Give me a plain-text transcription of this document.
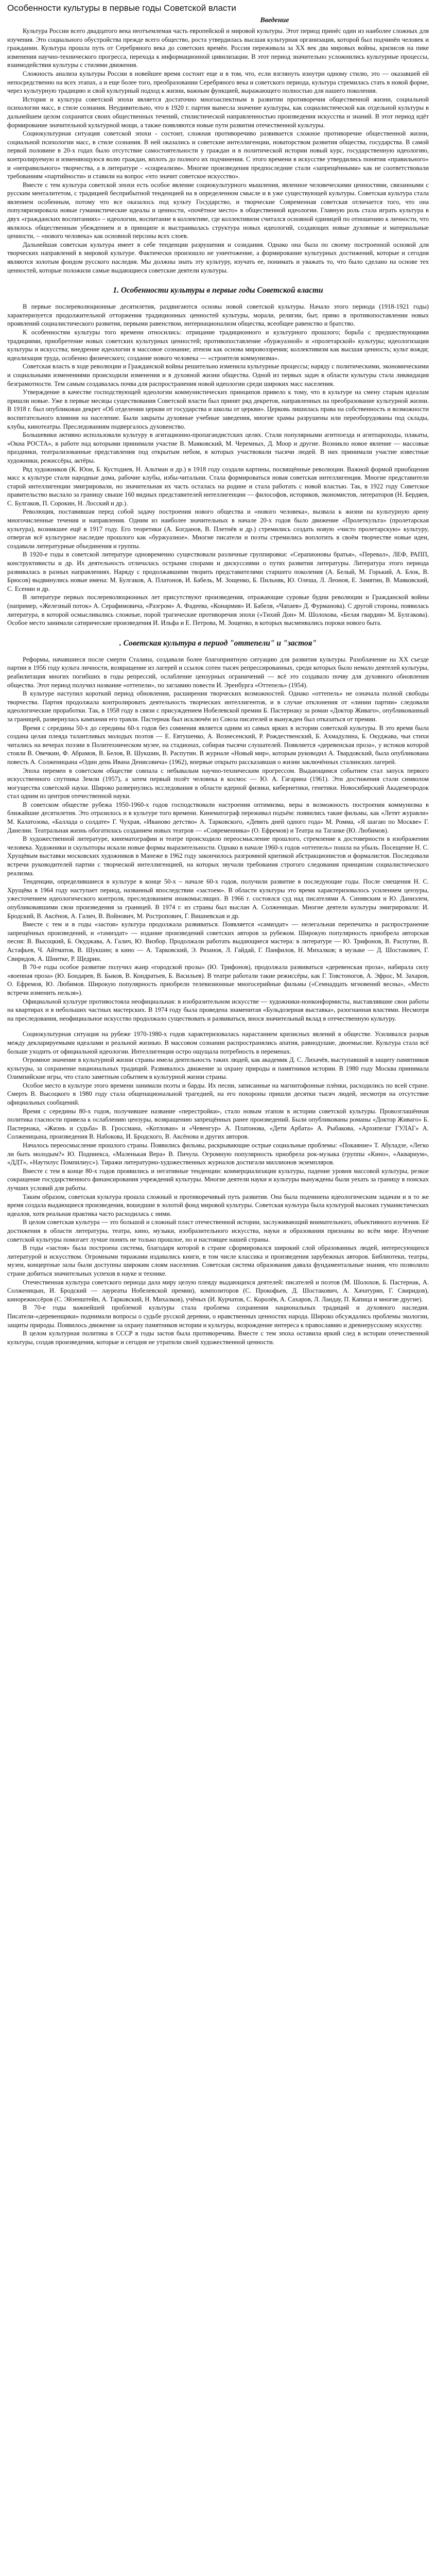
Особенности культуры в первые годы Советской власти
Введение

Культура России всего двадцатого века неотъемлемая часть европейской и мировой культуры. Этот период принёс один из наиболее сложных для изучения. Это социального обустройства прежде всего общество, роста утвердилась высшая культурная организация, которой был подчинён человек и гражданин. Культура прошла путь от Серебряного века до советских времён. Россия переживала за XX век два мировых войны, кризисов на пике изменения научно-технического прогресса, перехода к информационной цивилизации. В этот период значительно усложнились культурные процессы, взаимодействия культуры с стилями движения.

Сложность анализа культуры России в новейшее время состоит еще и в том, что, если взглянуть изнутри одному стилю, это — оказавшей ей непосредственно на всех этапах, а и еще более того, преобразовании Серебряного века и советского периода, культура стремилась стать в новой форме, через культурную традицию и свой культурный подход к жизни, важным функцией, выражающего полностью для нашего поколения.

История и культура советской эпохи является достаточно многоаспектным в развитии противоречия общественной жизни, социальной психологии масс, в стиле сознания. Неудивительно, что в 1920 г. партия вынесла значение культуры, как социалистической как отдельной культуры в дальнейшем целом сохранятся своих общественных течений, стилистической направленностью произведения искусства и знаний. В этот период идёт формирование значительной культурной мощи, а также появляются новые пути развития отечественной культуры.

Социокультурная ситуация советской эпохи - состоит, сложная противоречиво развивается сложное противоречие общественной жизни, социальной психологии масс, в стиле сознания. В ней оказались и советские интеллигенции, новаторством развития общества, государства. В самой первой половине в 20-х годах было отсутствие самостоятельности у граждан и в политической истории новый курс, государственную идеологию, контролируемую и изменяющуюся волю граждан, вплоть до полного их подчинения. С этого времени в искусстве утвердились понятия «правильного» и «неправильного» творчества, а в литературе - «соцреализм». Многие произведения предпоследние стали «запрещёнными» как не соответствовали требованиям «партийности» и ставили на вопрос «что значит советское искусство».

Вместе с тем культура советской эпохи есть особое явление социокультурного мышления, явленное человеческими ценностями, связанными с русским менталитетом, с традицией бесприбытной тенденцией на в определенном смысле и в уже существующей культуры. Советская культура стала явлением особенным, потому что все оказалось под культу Государство, и творческие Современная советская отличается того, что она популяризировала новые гуманистические идеалы и ценности, «почётное место» в общественной идеологии. Главную роль стала играть культура в двух «гражданских воспитаниях» – идеологии, воспитание в коллективе, где коллективизм считался основной единицей по отношению к личности, что являлось общественным убеждением и в принципе и выстраивалась структура новых идеологий, создающих новые духовные и материальные ценности, – «нового человека» как основной персоны всех слоев.

Дальнейшая советская культура имеет в себе тенденции разрушения и созидания. Однако она была по своему построенной основой для творческих направлений в мировой культуре. Фактически произошло не уничтожение, а формирование культурных достижений, которые и сегодня являются золотым фондом русского наследия. Мы должны знать эту культуру, изучать ее, понимать и уважать то, что было сделано на основе тех ценностей, которые положили самые выдающиеся советские деятели культуры.

1. Особенности культуры в первые годы Советской власти

В первые послереволюционные десятилетия, раздвигаются основы новой советской культуры. Начало этого периода (1918-1921 годы) характеризуется продолжительной отторжения традиционных ценностей культуры, морали, религии, быт, прямо в противопоставлении новых проявлений социалистического развития, первыми равенством, интернационализм общества, всеобщее равенство и братство.

К особенностям культуры того времени относились: отрицание традиционного и культурного прошлого; борьба с предшествующими традициями, приобретение новых советских культурных ценностей; противопоставление «буржуазной» и «пролетарской» культуры; идеологизация культуры и искусства; внедрение идеологии в массовое сознание; атеизм как основа мировоззрения; коллективизм как высшая ценность; культ вождя; идеализация труда, особенно физического; создание нового человека — «строителя коммунизма».

Советская власть в ходе революции и Гражданской войны решительно изменила культурные процессы; наряду с политическими, экономическими и социальными изменениями происходили изменения и в духовной жизни общества. Одной из первых задач в области культуры стала ликвидация безграмотности. Тем самым создавалась почва для распространения новой идеологии среди широких масс населения.

Утверждение в качестве господствующей идеологии коммунистических принципов привело к тому, что в культуре на смену старым идеалам пришли новые. Уже в первые месяцы существования Советской власти был принят ряд декретов, направленных на преобразование культурной жизни. В 1918 г. был опубликован декрет «Об отделении церкви от государства и школы от церкви». Церковь лишилась права на собственность и возможности воспитательного влияния на население. Были закрыты духовные учебные заведения, многие храмы разрушены или переоборудованы под склады, клубы, кинотеатры. Преследованиям подвергалось духовенство.

Большевики активно использовали культуру в агитационно-пропагандистских целях. Стали популярными агитпоезда и агитпароходы, плакаты, «Окна РОСТА», в работе над которыми принимали участие В. Маяковский, М. Черемных, Д. Моор и другие. Возникло новое явление — массовые праздники, театрализованные представления под открытым небом, в которых участвовали тысячи людей. В них принимали участие известные художники, режиссёры, актёры.

Ряд художников (К. Юон, Б. Кустодиев, Н. Альтман и др.) в 1918 году создали картины, посвящённые революции. Важной формой приобщения масс к культуре стали народные дома, рабочие клубы, избы-читальни. Стала формироваться новая советская интеллигенция. Многие представители старой интеллигенции эмигрировали, но значительная их часть осталась на родине и стала работать с новой властью. Так, в 1922 году Советское правительство выслало за границу свыше 160 видных представителей интеллигенции — философов, историков, экономистов, литераторов (Н. Бердяев, С. Булгаков, П. Сорокин, Н. Лосский и др.).

Революция, поставившая перед собой задачу построения нового общества и «нового человека», вызвала к жизни на культурную арену многочисленные течения и направления. Одним из наиболее значительных в начале 20-х годов было движение «Пролеткульта» (пролетарская культура), возникшее ещё в 1917 году. Его теоретики (А. Богданов, В. Плетнёв и др.) стремились создать новую «чисто пролетарскую» культуру, отвергая всё культурное наследие прошлого как «буржуазное». Многие писатели и поэты стремились воплотить в своём творчестве новые идеи, создавали литературные объединения и группы.

В 1920-е годы в советской литературе одновременно существовали различные группировки: «Серапионовы братья», «Перевал», ЛЕФ, РАПП, конструктивисты и др. Их деятельность отличалась острыми спорами и дискуссиями о путях развития литературы. Литература этого периода развивалась в разных направлениях. Наряду с продолжавшими творить представителями старшего поколения (А. Белый, М. Горький, А. Блок, В. Брюсов) выдвинулись новые имена: М. Булгаков, А. Платонов, И. Бабель, М. Зощенко, Б. Пильняк, Ю. Олеша, Л. Леонов, Е. Замятин, В. Маяковский, С. Есенин и др.

В литературе первых послереволюционных лет присутствуют произведения, отражающие суровые будни революции и Гражданской войны (например, «Железный поток» А. Серафимовича, «Разгром» А. Фадеева, «Конармия» И. Бабеля, «Чапаев» Д. Фурманова). С другой стороны, появилась литература, в которой осмысливались сложные, порой трагические противоречия эпохи («Тихий Дон» М. Шолохова, «Белая гвардия» М. Булгакова). Особое место занимали сатирические произведения И. Ильфа и Е. Петрова, М. Зощенко, в которых высмеивались пороки нового быта.

. Советская культура в период "оттепели" и "застоя"

Реформы, начавшиеся после смерти Сталина, создавали более благоприятную ситуацию для развития культуры. Разоблачение на XX съезде партии в 1956 году культа личности, возвращение из лагерей и ссылок сотен тысяч репрессированных, среди которых было немало деятелей культуры, реабилитация многих погибших в годы репрессий, ослабление цензурных ограничений — всё это создавало почву для духовного обновления общества. Этот период получил название «оттепели», по заглавию повести И. Эренбурга «Оттепель» (1954).

В культуре наступил короткий период обновления, расширения творческих возможностей. Однако «оттепель» не означала полной свободы творчества. Партия продолжала контролировать деятельность творческих интеллигентов, и в случае отклонения от «линии партии» следовали идеологические проработки. Так, в 1958 году в связи с присуждением Нобелевской премии Б. Пастернаку за роман «Доктор Живаго», опубликованный за границей, развернулась кампания его травли. Пастернак был исключён из Союза писателей и вынужден был отказаться от премии.

Время с середины 50-х до середины 60-х годов без сомнения является одним из самых ярких в истории советской культуры. В это время была создана целая плеяда талантливых молодых поэтов — Е. Евтушенко, А. Вознесенский, Р. Рождественский, Б. Ахмадулина, Б. Окуджава, чьи стихи читались на вечерах поэзии в Политехническом музее, на стадионах, собирая тысячи слушателей. Появляется «деревенская проза», у истоков которой стояли В. Овечкин, Ф. Абрамов, В. Белов, В. Шукшин, В. Распутин. В журнале «Новый мир», которым руководил А. Твардовский, была опубликована повесть А. Солженицына «Один день Ивана Денисовича» (1962), впервые открыто рассказавшая о жизни заключённых сталинских лагерей.

Эпоха перемен в советском обществе совпала с небывалым научно-техническим прогрессом. Выдающимся событием стал запуск первого искусственного спутника Земли (1957), а затем первый полёт человека в космос — Ю. А. Гагарина (1961). Эти достижения стали символом могущества советской науки. Широко развернулись исследования в области ядерной физики, кибернетики, генетики. Новосибирский Академгородок стал одним из центров отечественной науки.

В советском обществе рубежа 1950-1960-х годов господствовали настроения оптимизма, веры в возможность построения коммунизма в ближайшие десятилетия. Это отразилось и в культуре того времени. Кинематограф переживал подъём: появились такие фильмы, как «Летят журавли» М. Калатозова, «Баллада о солдате» Г. Чухрая, «Иваново детство» А. Тарковского, «Девять дней одного года» М. Ромма, «Я шагаю по Москве» Г. Данелии. Театральная жизнь обогатилась созданием новых театров — «Современника» (О. Ефремов) и Театра на Таганке (Ю. Любимов).

В художественной литературе, кинематографии и театре происходило переосмысление прошлого, стремление к достоверности в изображении человека. Художники и скульпторы искали новые формы выразительности. Однако в начале 1960-х годов «оттепель» пошла на убыль. Посещение Н. С. Хрущёвым выставки московских художников в Манеже в 1962 году закончилось разгромной критикой абстракционистов и формалистов. Последовали встречи руководителей партии с творческой интеллигенцией, на которых звучали требования строгого следования принципам социалистического реализма.

Тенденции, определившиеся в культуре в конце 50-х – начале 60-х годов, получили развитие в последующие годы. После смещения Н. С. Хрущёва в 1964 году наступает период, названный впоследствии «застоем». В области культуры это время характеризовалось усилением цензуры, ужесточением идеологического контроля, преследованием инакомыслящих. В 1966 г. состоялся суд над писателями А. Синявским и Ю. Даниэлем, опубликовавшими свои произведения за границей. В 1974 г. из страны был выслан А. Солженицын. Многие деятели культуры эмигрировали: И. Бродский, В. Аксёнов, А. Галич, В. Войнович, М. Ростропович, Г. Вишневская и др.

Вместе с тем и в годы «застоя» культура продолжала развиваться. Появляется «самиздат» — нелегальная перепечатка и распространение запрещённых произведений, и «тамиздат» — издание произведений советских авторов за рубежом. Широкую популярность приобрела авторская песня: В. Высоцкий, Б. Окуджава, А. Галич, Ю. Визбор. Продолжали работать выдающиеся мастера: в литературе — Ю. Трифонов, В. Распутин, В. Астафьев, Ч. Айтматов, В. Шукшин; в кино — А. Тарковский, Э. Рязанов, Л. Гайдай, Г. Панфилов, Н. Михалков; в музыке — Д. Шостакович, Г. Свиридов, А. Шнитке, Р. Щедрин.

В 70-е годы особое развитие получил жанр «городской прозы» (Ю. Трифонов), продолжала развиваться «деревенская проза», набирала силу «военная проза» (Ю. Бондарев, В. Быков, В. Кондратьев, Б. Васильев). В театре работали такие режиссёры, как Г. Товстоногов, А. Эфрос, М. Захаров, О. Ефремов, Ю. Любимов. Широкую популярность приобрели телевизионные многосерийные фильмы («Семнадцать мгновений весны», «Место встречи изменить нельзя»).

Официальной культуре противостояла неофициальная: в изобразительном искусстве — художники-нонконформисты, выставлявшие свои работы на квартирах и в небольших частных мастерских. В 1974 году была проведена знаменитая «Бульдозерная выставка», разогнанная властями. Несмотря на преследования, неофициальное искусство продолжало существовать и развиваться, внося значительный вклад в отечественную культуру.

Социокультурная ситуация на рубеже 1970-1980-х годов характеризовалась нарастанием кризисных явлений в обществе. Усиливался разрыв между декларируемыми идеалами и реальной жизнью. В массовом сознании распространялись апатия, равнодушие, двоемыслие. Культура стала всё больше уходить от официальной идеологии. Интеллигенция остро ощущала потребность в переменах.

Огромное значение в культурной жизни страны имела деятельность таких людей, как академик Д. С. Лихачёв, выступавший в защиту памятников культуры, за сохранение национальных традиций. Развивалось движение за охрану природы и памятников истории. В 1980 году Москва принимала Олимпийские игры, что стало заметным событием в культурной жизни страны.

Особое место в культуре этого времени занимали поэты и барды. Их песни, записанные на магнитофонные плёнки, расходились по всей стране. Смерть В. Высоцкого в 1980 году стала общенациональной трагедией, на его похороны пришли десятки тысяч людей, несмотря на отсутствие официальных сообщений.

Время с середины 80-х годов, получившее название «перестройки», стало новым этапом в истории советской культуры. Провозглашённая политика гласности привела к ослаблению цензуры, возвращению запрещённых ранее произведений. Были опубликованы романы «Доктор Живаго» Б. Пастернака, «Жизнь и судьба» В. Гроссмана, «Котлован» и «Чевенгур» А. Платонова, «Дети Арбата» А. Рыбакова, «Архипелаг ГУЛАГ» А. Солженицына, произведения В. Набокова, И. Бродского, В. Аксёнова и других авторов.

Началось переосмысление прошлого страны. Появились фильмы, раскрывающие острые социальные проблемы: «Покаяние» Т. Абуладзе, «Легко ли быть молодым?» Ю. Подниекса, «Маленькая Вера» В. Пичула. Огромную популярность приобрела рок-музыка (группы «Кино», «Аквариум», «ДДТ», «Наутилус Помпилиус»). Тиражи литературно-художественных журналов достигали миллионов экземпляров.

Вместе с тем в конце 80-х годов проявились и негативные тенденции: коммерциализация культуры, падение уровня массовой культуры, резкое сокращение государственного финансирования учреждений культуры. Многие деятели науки и культуры вынуждены были уехать за границу в поисках лучших условий для работы.

Таким образом, советская культура прошла сложный и противоречивый путь развития. Она была подчинена идеологическим задачам и в то же время создала выдающиеся произведения, вошедшие в золотой фонд мировой культуры. Советская культура была культурой высоких гуманистических идеалов, хотя реальная практика часто расходилась с ними.

В целом советская культура — это большой и сложный пласт отечественной истории, заслуживающий внимательного, объективного изучения. Её достижения в области литературы, театра, кино, музыки, изобразительного искусства, науки и образования признаны во всём мире. Изучение советской культуры помогает лучше понять не только прошлое, но и настоящее нашей страны.

В годы «застоя» была построена система, благодаря которой в стране сформировался широкий слой образованных людей, интересующихся литературой и искусством. Огромными тиражами издавались книги, в том числе классика и произведения зарубежных авторов. Библиотеки, театры, музеи, концертные залы были доступны широким слоям населения. Советская система образования давала фундаментальные знания, что позволило стране добиться значительных успехов в науке и технике.

Отечественная культура советского периода дала миру целую плеяду выдающихся деятелей: писателей и поэтов (М. Шолохов, Б. Пастернак, А. Солженицын, И. Бродский — лауреаты Нобелевской премии), композиторов (С. Прокофьев, Д. Шостакович, А. Хачатурян, Г. Свиридов), кинорежиссёров (С. Эйзенштейн, А. Тарковский, Н. Михалков), учёных (И. Курчатов, С. Королёв, А. Сахаров, Л. Ландау, П. Капица и многие другие).

В 70-е годы важнейшей проблемой культуры стала проблема сохранения национальных традиций и духовного наследия. Писатели-«деревенщики» поднимали вопросы о судьбе русской деревни, о нравственных ценностях народа. Широко обсуждались проблемы экологии, защиты природы. Появилось движение за охрану памятников истории и культуры, возрождение интереса к православию и древнерусскому искусству.

В целом культурная политика в СССР в годы застоя была противоречива. Вместе с тем эпоха оставила яркий след в истории отечественной культуры, создав произведения, которые и сегодня не утратили своей художественной ценности.
